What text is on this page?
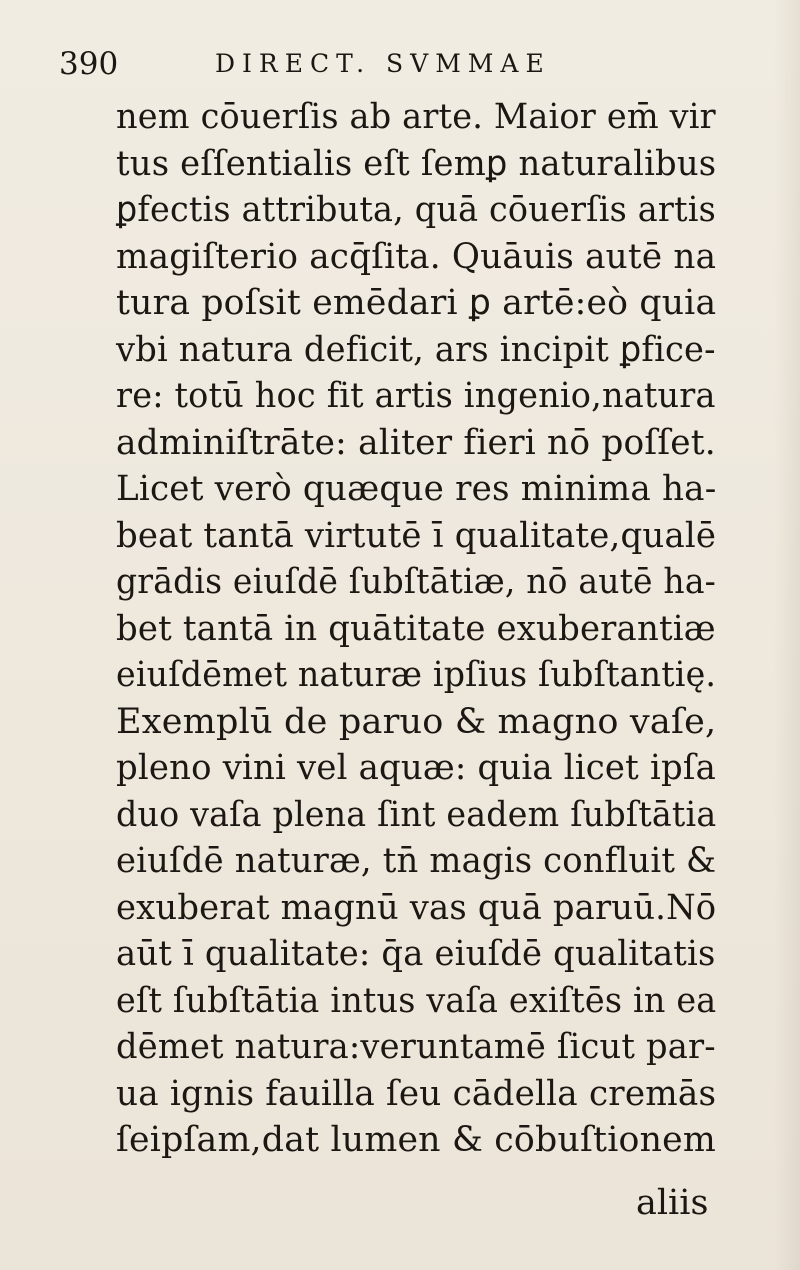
390	DIRECT. SVMMAE
nem cōuerſis ab arte. Maior em̄ vir
tus eſſentialis eſt ſemꝑ naturalibus
ꝑfectis attributa, quā cōuerſis artis
magiſterio acq̄ſita. Quāuis autē na
tura poſsit emēdari ꝑ artē:eò quia
vbi natura deficit, ars incipit ꝑfice-
re: totū hoc fit artis ingenio,natura
adminiſtrāte: aliter fieri nō poſſet.
Licet verò quæque res minima ha-
beat tantā virtutē ī qualitate,qualē
grādis eiuſdē ſubſtātiæ, nō autē ha-
bet tantā in quātitate exuberantiæ
eiuſdēmet naturæ ipſius ſubſtantię.
Exemplū de paruo & magno vaſe,
pleno vini vel aquæ: quia licet ipſa
duo vaſa plena ſint eadem ſubſtātia
eiuſdē naturæ, tn̄ magis confluit &
exuberat magnū vas quā paruū.Nō
aūt ī qualitate: q̄a eiuſdē qualitatis
eſt ſubſtātia intus vaſa exiſtēs in ea
dēmet natura:veruntamē ſicut par-
ua ignis fauilla ſeu cādella cremās
ſeipſam,dat lumen & cōbuſtionem
aliis
